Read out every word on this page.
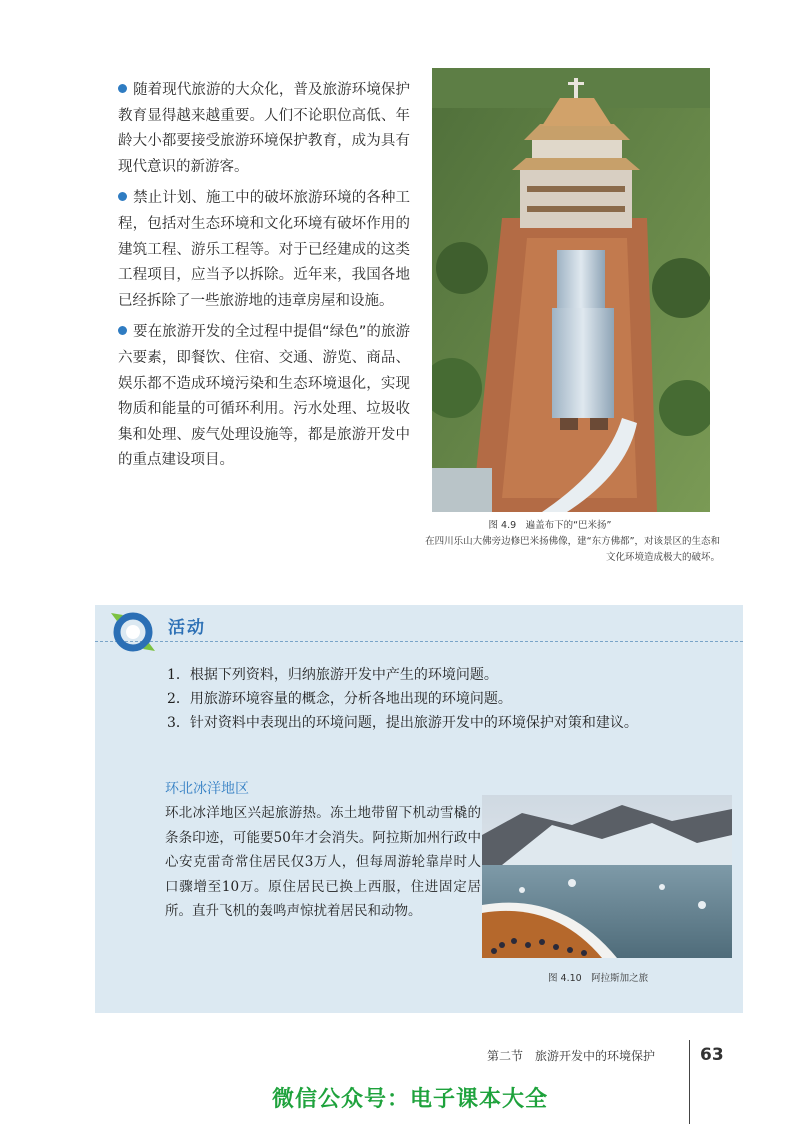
随着现代旅游的大众化，普及旅游环境保护教育显得越来越重要。人们不论职位高低、年龄大小都要接受旅游环境保护教育，成为具有现代意识的新游客。

禁止计划、施工中的破坏旅游环境的各种工程，包括对生态环境和文化环境有破坏作用的建筑工程、游乐工程等。对于已经建成的这类工程项目，应当予以拆除。近年来，我国各地已经拆除了一些旅游地的违章房屋和设施。

要在旅游开发的全过程中提倡“绿色”的旅游六要素，即餐饮、住宿、交通、游览、商品、娱乐都不造成环境污染和生态环境退化，实现物质和能量的可循环利用。污水处理、垃圾收集和处理、废气处理设施等，都是旅游开发中的重点建设项目。

图 4.9　遍盖布下的“巴米扬”
在四川乐山大佛旁边修巴米扬佛像，建“东方佛都”，对该景区的生态和文化环境造成极大的破坏。
活动
1．根据下列资料，归纳旅游开发中产生的环境问题。
2．用旅游环境容量的概念，分析各地出现的环境问题。
3．针对资料中表现出的环境问题，提出旅游开发中的环境保护对策和建议。
环北冰洋地区
环北冰洋地区兴起旅游热。冻土地带留下机动雪橇的条条印迹，可能要50年才会消失。阿拉斯加州行政中心安克雷奇常住居民仅3万人，但每周游轮靠岸时人口骤增至10万。原住居民已换上西服，住进固定居所。直升飞机的轰鸣声惊扰着居民和动物。
图 4.10　阿拉斯加之旅
第二节　旅游开发中的环境保护	63
微信公众号：电子课本大全
